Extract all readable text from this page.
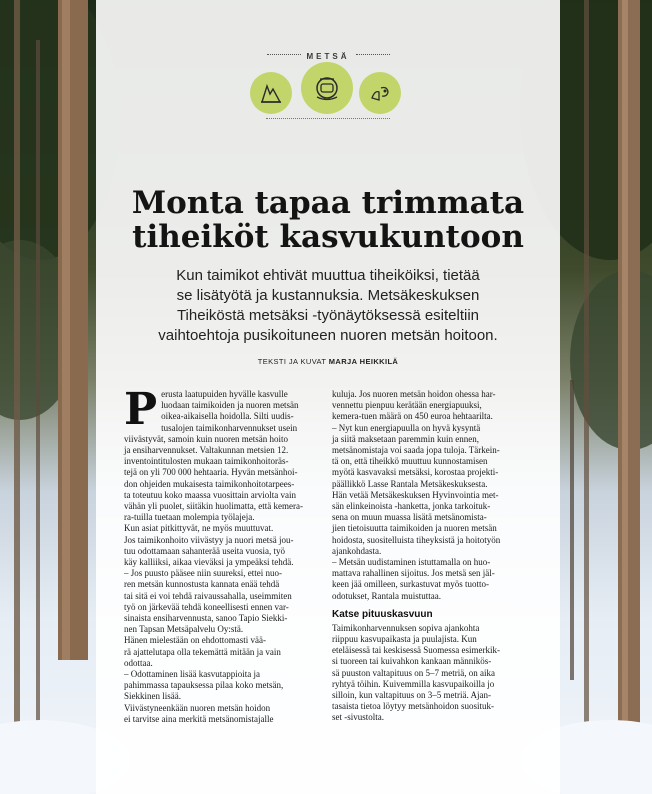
METSÄ
Monta tapaa trimmata
tiheiköt kasvukuntoon
Kun taimikot ehtivät muuttua tiheiköiksi, tietää
se lisätyötä ja kustannuksia. Metsäkeskuksen
Tiheiköstä metsäksi -työnäytöksessä esiteltiin
vaihtoehtoja pusikoituneen nuoren metsän hoitoon.
TEKSTI JA KUVAT MARJA HEIKKILÄ

P erusta laatupuiden hyvälle kasvulle
luodaan taimikoiden ja nuoren metsän
oikea-aikaisella hoidolla. Silti uudis-
tusalojen taimikonharvennukset usein
viivästyvät, samoin kuin nuoren metsän hoito
ja ensiharvennukset. Valtakunnan metsien 12.
inventointitulosten mukaan taimikonhoitoräs-
tejä on yli 700 000 hehtaaria. Hyvän metsänhoi-
don ohjeiden mukaisesta taimikonhoitotarpees-
ta toteutuu koko maassa vuosittain arviolta vain
vähän yli puolet, siitäkin huolimatta, että kemera-
ra-tuilla tuetaan molempia työlajeja.

Kun asiat pitkittyvät, ne myös muuttuvat.
Jos taimikonhoito viivästyy ja nuori metsä jou-
tuu odottamaan sahanterää useita vuosia, työ
käy kalliiksi, aikaa vieväksi ja ympeäksi tehdä.

– Jos puusto pääsee niin suureksi, ettei nuo-
ren metsän kunnostusta kannata enää tehdä
tai sitä ei voi tehdä raivaussahalla, useimmiten
työ on järkevää tehdä koneellisesti ennen var-
sinaista ensiharvennusta, sanoo Tapio Siekki-
nen Tapsan Metsäpalvelu Oy:stä.

Hänen mielestään on ehdottomasti vää-
rä ajattelutapa olla tekemättä mitään ja vain
odottaa.

– Odottaminen lisää kasvutappioita ja
pahimmassa tapauksessa pilaa koko metsän,
Siekkinen lisää.

Viivästyneenkään nuoren metsän hoidon
ei tarvitse aina merkitä metsänomistajalle

kuluja. Jos nuoren metsän hoidon ohessa har-
vennettu pienpuu kerätään energiapuuksi,
kemera-tuen määrä on 450 euroa hehtaarilta.

– Nyt kun energiapuulla on hyvä kysyntä
ja siitä maksetaan paremmin kuin ennen,
metsänomistaja voi saada jopa tuloja. Tärkein-
tä on, että tiheikkö muuttuu kunnostamisen
myötä kasvavaksi metsäksi, korostaa projekti-
päällikkö Lasse Rantala Metsäkeskuksesta.
Hän vetää Metsäkeskuksen Hyvinvointia met-
sän elinkeinoista -hanketta, jonka tarkoituk-
sena on muun muassa lisätä metsänomista-
jien tietoisuutta taimikoiden ja nuoren metsän
hoidosta, suositelluista tiheyksistä ja hoitotyön
ajankohdasta.

– Metsän uudistaminen istuttamalla on huo-
mattava rahallinen sijoitus. Jos metsä sen jäl-
keen jää omilleen, surkastuvat myös tuotto-
odotukset, Rantala muistuttaa.

Katse pituuskasvuun

Taimikonharvennuksen sopiva ajankohta
riippuu kasvupaikasta ja puulajista. Kun
eteläisessä tai keskisessä Suomessa esimerkik-
si tuoreen tai kuivahkon kankaan männikös-
sä puuston valtapituus on 5–7 metriä, on aika
ryhtyä töihin. Kuivemmilla kasvupaikoilla jo
silloin, kun valtapituus on 3–5 metriä. Ajan-
tasaista tietoa löytyy metsänhoidon suosituk-
set -sivustolta.
